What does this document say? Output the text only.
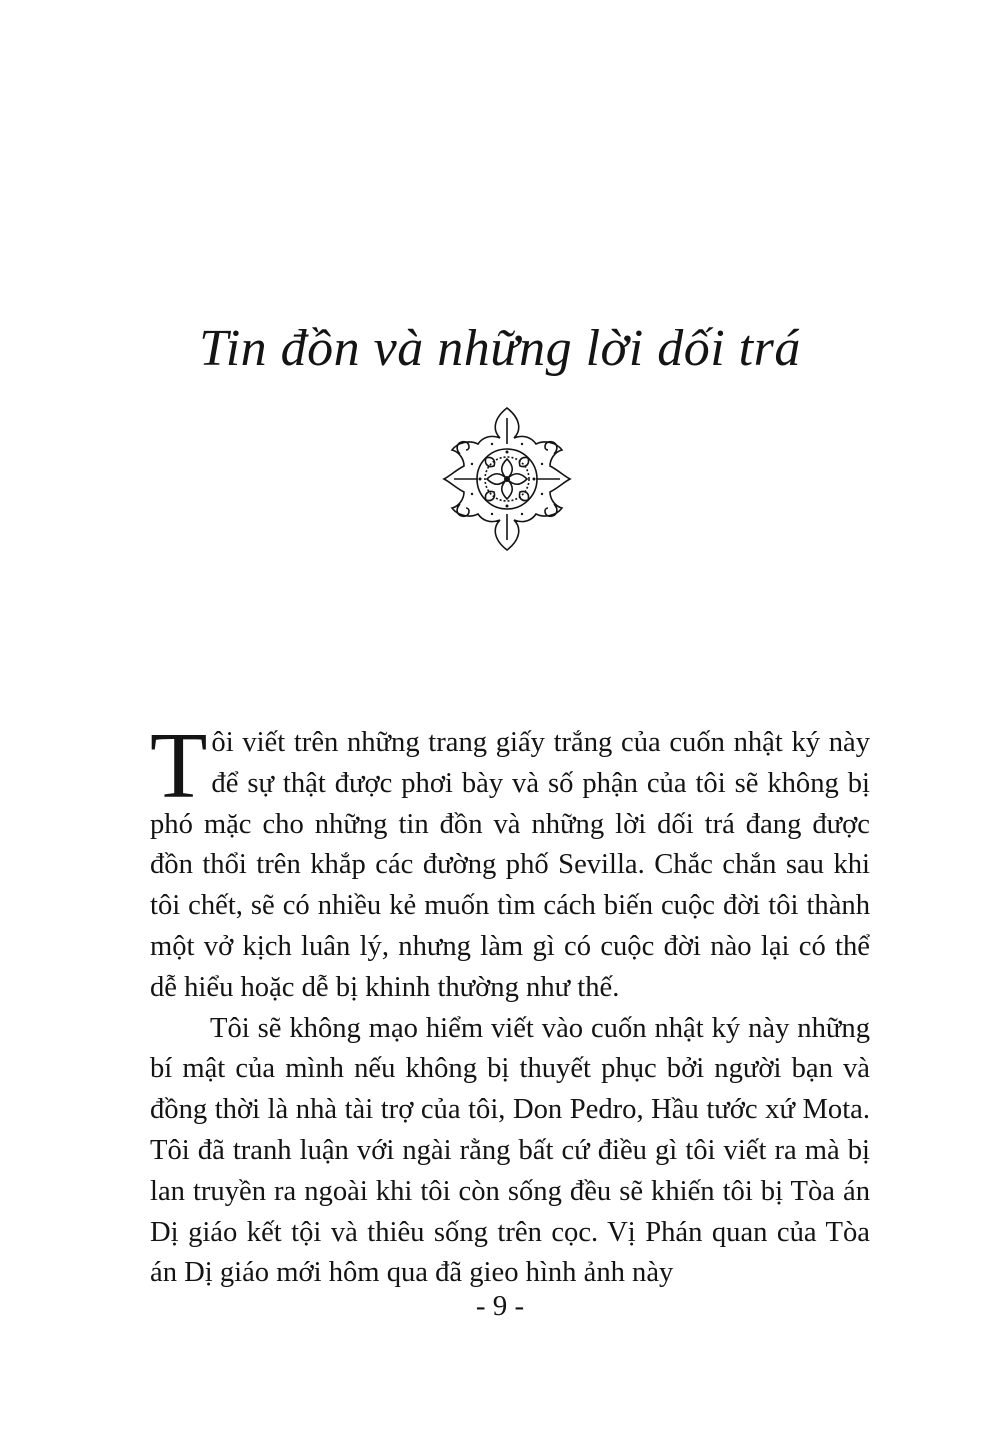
Tin đồn và những lời dối trá

Tôi viết trên những trang giấy trắng của cuốn nhật ký này để sự thật được phơi bày và số phận của tôi sẽ không bị phó mặc cho những tin đồn và những lời dối trá đang được đồn thổi trên khắp các đường phố Sevilla. Chắc chắn sau khi tôi chết, sẽ có nhiều kẻ muốn tìm cách biến cuộc đời tôi thành một vở kịch luân lý, nhưng làm gì có cuộc đời nào lại có thể dễ hiểu hoặc dễ bị khinh thường như thế.

Tôi sẽ không mạo hiểm viết vào cuốn nhật ký này những bí mật của mình nếu không bị thuyết phục bởi người bạn và đồng thời là nhà tài trợ của tôi, Don Pedro, Hầu tước xứ Mota. Tôi đã tranh luận với ngài rằng bất cứ điều gì tôi viết ra mà bị lan truyền ra ngoài khi tôi còn sống đều sẽ khiến tôi bị Tòa án Dị giáo kết tội và thiêu sống trên cọc. Vị Phán quan của Tòa án Dị giáo mới hôm qua đã gieo hình ảnh này

- 9 -
